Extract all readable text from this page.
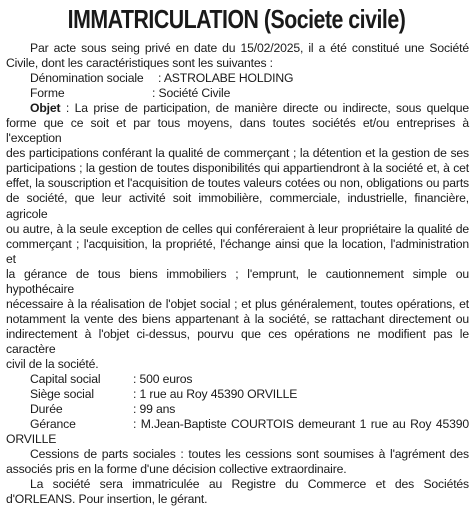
IMMATRICULATION (Societe civile)
Par acte sous seing privé en date du 15/02/2025, il a été constitué une Société
Civile, dont les caractéristiques sont les suivantes :
Dénomination sociale : ASTROLABE HOLDING
Forme	: Société Civile
Objet : La prise de participation, de manière directe ou indirecte, sous quelque
forme que ce soit et par tous moyens, dans toutes sociétés et/ou entreprises à l'exception
des participations conférant la qualité de commerçant ; la détention et la gestion de ses
participations ; la gestion de toutes disponibilités qui appartiendront à la société et, à cet
effet, la souscription et l'acquisition de toutes valeurs cotées ou non, obligations ou parts
de société, que leur activité soit immobilière, commerciale, industrielle, financière, agricole
ou autre, à la seule exception de celles qui conféreraient à leur propriétaire la qualité de
commerçant ; l'acquisition, la propriété, l'échange ainsi que la location, l'administration et
la gérance de tous biens immobiliers ; l'emprunt, le cautionnement simple ou hypothécaire
nécessaire à la réalisation de l'objet social ; et plus généralement, toutes opérations, et
notamment la vente des biens appartenant à la société, se rattachant directement ou
indirectement à l'objet ci-dessus, pourvu que ces opérations ne modifient pas le caractère
civil de la société.
Capital social	: 500 euros
Siège social	: 1 rue au Roy 45390 ORVILLE
Durée	: 99 ans
Gérance	: M.Jean-Baptiste COURTOIS demeurant 1 rue au Roy 45390
ORVILLE
Cessions de parts sociales : toutes les cessions sont soumises à l'agrément des
associés pris en la forme d'une décision collective extraordinaire.
La société sera immatriculée au Registre du Commerce et des Sociétés
d'ORLEANS. Pour insertion, le gérant.
